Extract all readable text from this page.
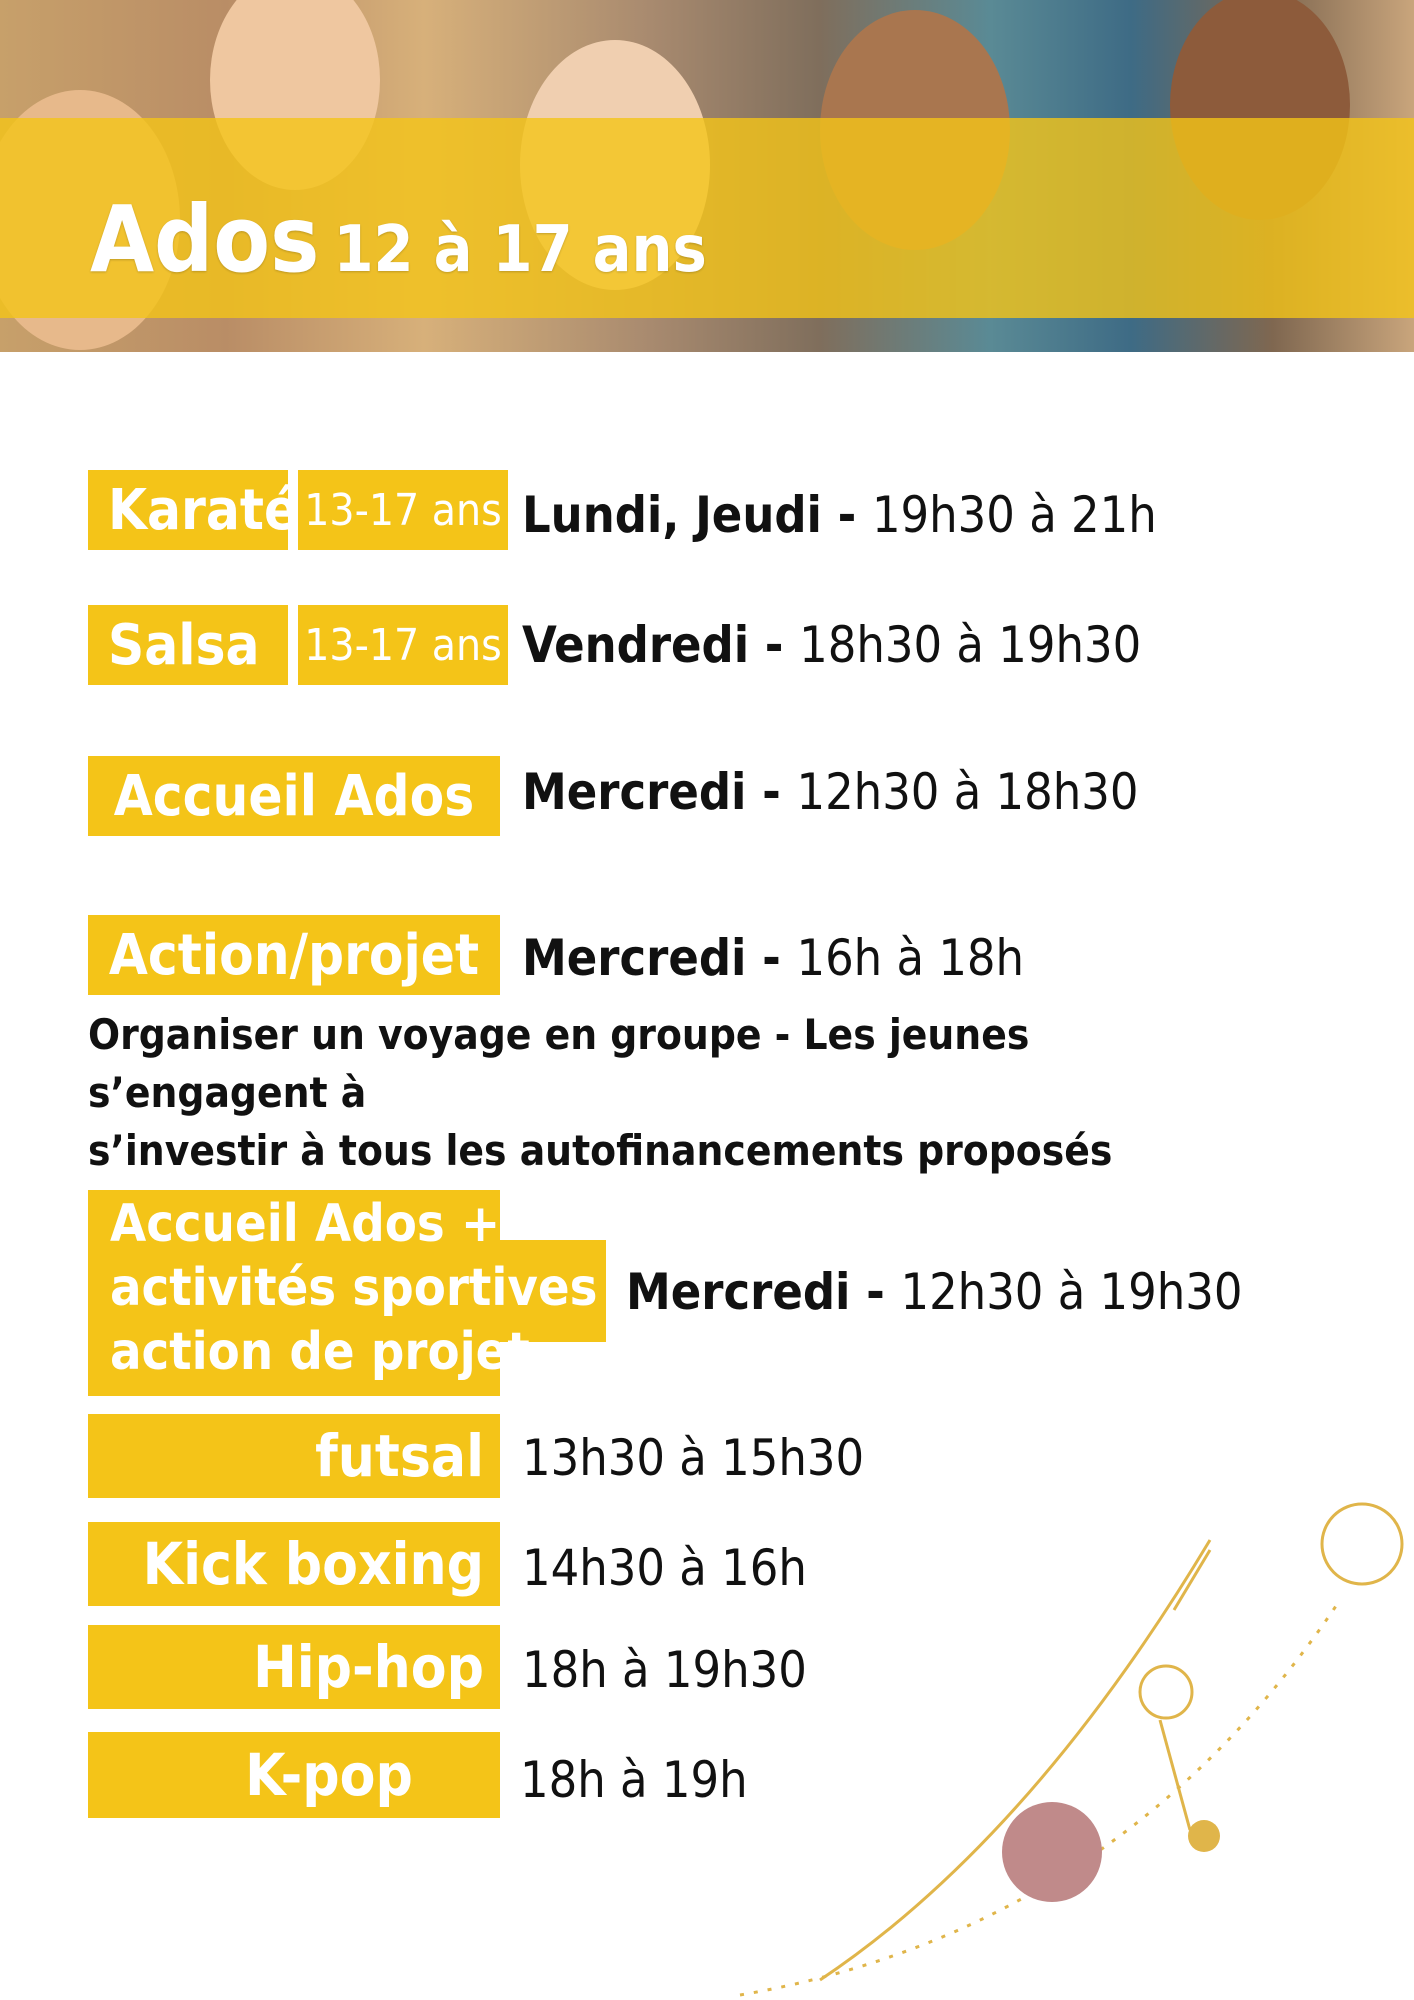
Ados 12 à 17 ans
Karaté 13-17 ans Lundi, Jeudi - 19h30 à 21h
Salsa 13-17 ans Vendredi - 18h30 à 19h30
Accueil Ados Mercredi - 12h30 à 18h30
Action/projet Mercredi - 16h à 18h
Organiser un voyage en groupe - Les jeunes s’engagent à
s’investir à tous les autofinancements proposés
Accueil Ados +
activités sportives +
action de projet
Mercredi - 12h30 à 19h30
futsal 13h30 à 15h30
Kick boxing 14h30 à 16h
Hip-hop 18h à 19h30
K-pop 18h à 19h
